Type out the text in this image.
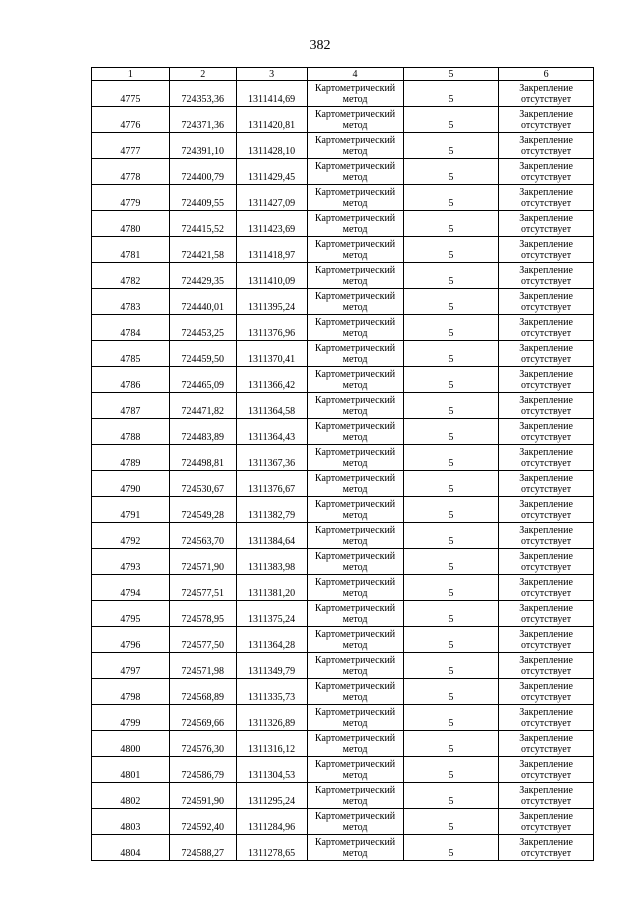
382
1	2	3	4	5	6
4775	724353,36	1311414,69	Картометрический метод	5	Закрепление отсутствует
4776	724371,36	1311420,81	Картометрический метод	5	Закрепление отсутствует
4777	724391,10	1311428,10	Картометрический метод	5	Закрепление отсутствует
4778	724400,79	1311429,45	Картометрический метод	5	Закрепление отсутствует
4779	724409,55	1311427,09	Картометрический метод	5	Закрепление отсутствует
4780	724415,52	1311423,69	Картометрический метод	5	Закрепление отсутствует
4781	724421,58	1311418,97	Картометрический метод	5	Закрепление отсутствует
4782	724429,35	1311410,09	Картометрический метод	5	Закрепление отсутствует
4783	724440,01	1311395,24	Картометрический метод	5	Закрепление отсутствует
4784	724453,25	1311376,96	Картометрический метод	5	Закрепление отсутствует
4785	724459,50	1311370,41	Картометрический метод	5	Закрепление отсутствует
4786	724465,09	1311366,42	Картометрический метод	5	Закрепление отсутствует
4787	724471,82	1311364,58	Картометрический метод	5	Закрепление отсутствует
4788	724483,89	1311364,43	Картометрический метод	5	Закрепление отсутствует
4789	724498,81	1311367,36	Картометрический метод	5	Закрепление отсутствует
4790	724530,67	1311376,67	Картометрический метод	5	Закрепление отсутствует
4791	724549,28	1311382,79	Картометрический метод	5	Закрепление отсутствует
4792	724563,70	1311384,64	Картометрический метод	5	Закрепление отсутствует
4793	724571,90	1311383,98	Картометрический метод	5	Закрепление отсутствует
4794	724577,51	1311381,20	Картометрический метод	5	Закрепление отсутствует
4795	724578,95	1311375,24	Картометрический метод	5	Закрепление отсутствует
4796	724577,50	1311364,28	Картометрический метод	5	Закрепление отсутствует
4797	724571,98	1311349,79	Картометрический метод	5	Закрепление отсутствует
4798	724568,89	1311335,73	Картометрический метод	5	Закрепление отсутствует
4799	724569,66	1311326,89	Картометрический метод	5	Закрепление отсутствует
4800	724576,30	1311316,12	Картометрический метод	5	Закрепление отсутствует
4801	724586,79	1311304,53	Картометрический метод	5	Закрепление отсутствует
4802	724591,90	1311295,24	Картометрический метод	5	Закрепление отсутствует
4803	724592,40	1311284,96	Картометрический метод	5	Закрепление отсутствует
4804	724588,27	1311278,65	Картометрический метод	5	Закрепление отсутствует
